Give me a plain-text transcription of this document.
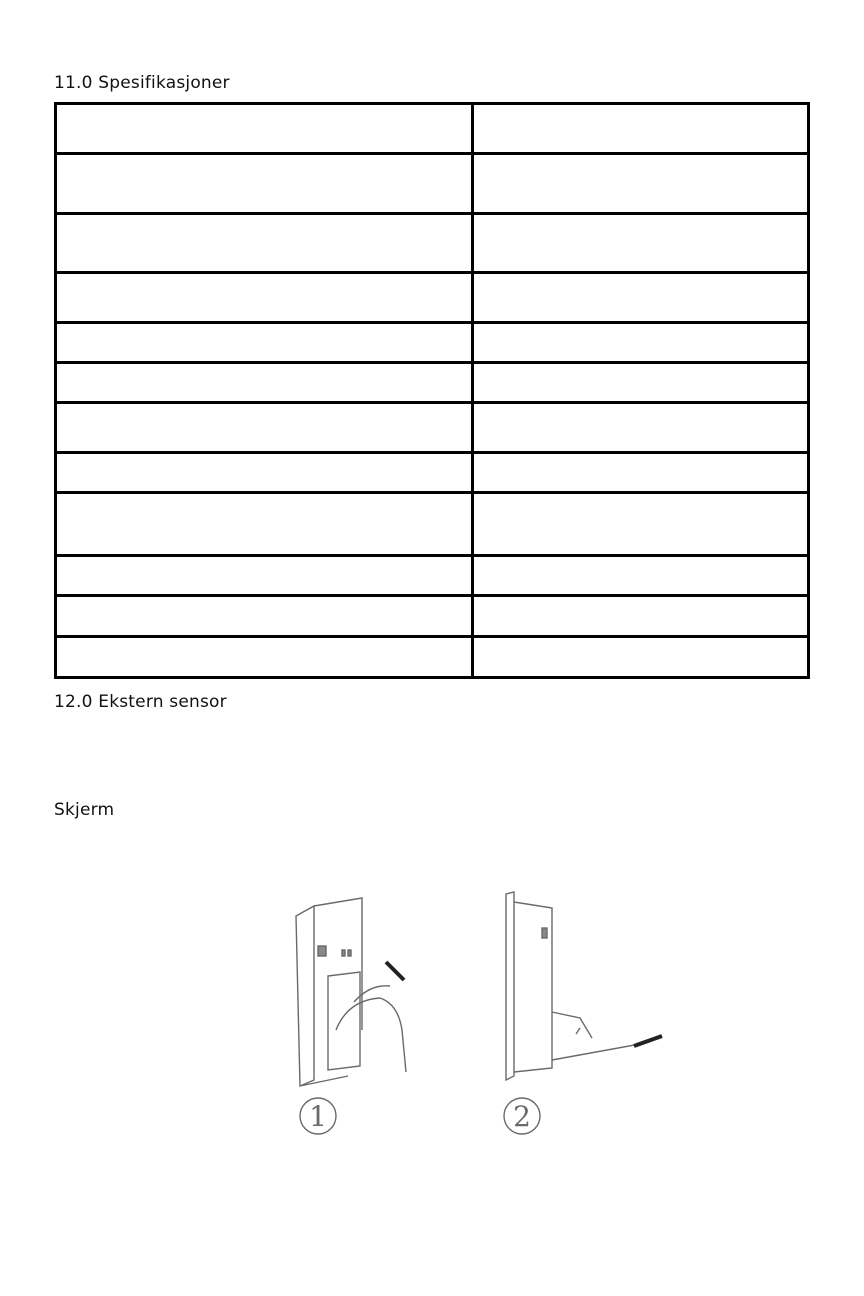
11.0 Spesifikasjoner

12.0 Ekstern sensor
Skjerm
1	2
